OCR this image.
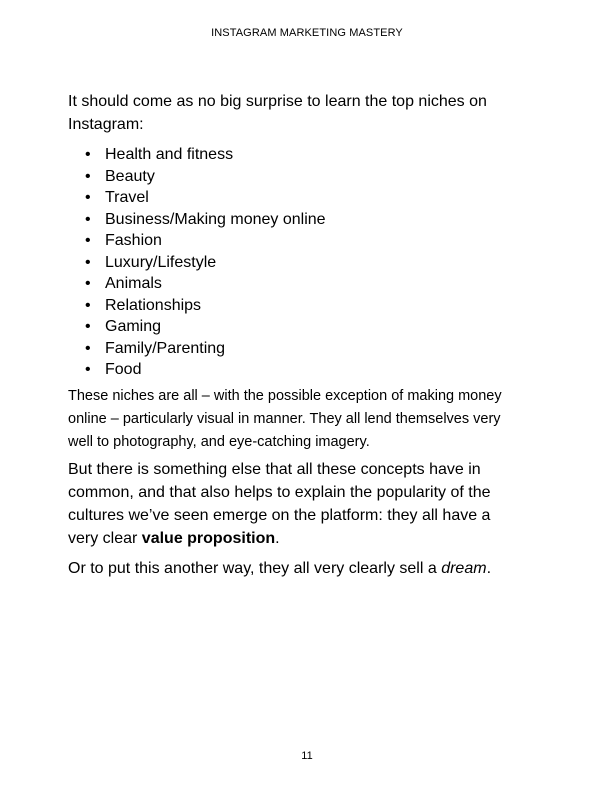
INSTAGRAM MARKETING MASTERY

It should come as no big surprise to learn the top niches on Instagram:

• Health and fitness
• Beauty
• Travel
• Business/Making money online
• Fashion
• Luxury/Lifestyle
• Animals
• Relationships
• Gaming
• Family/Parenting
• Food

These niches are all – with the possible exception of making money online – particularly visual in manner. They all lend themselves very well to photography, and eye-catching imagery.

But there is something else that all these concepts have in common, and that also helps to explain the popularity of the cultures we’ve seen emerge on the platform: they all have a very clear value proposition.

Or to put this another way, they all very clearly sell a dream.

11
